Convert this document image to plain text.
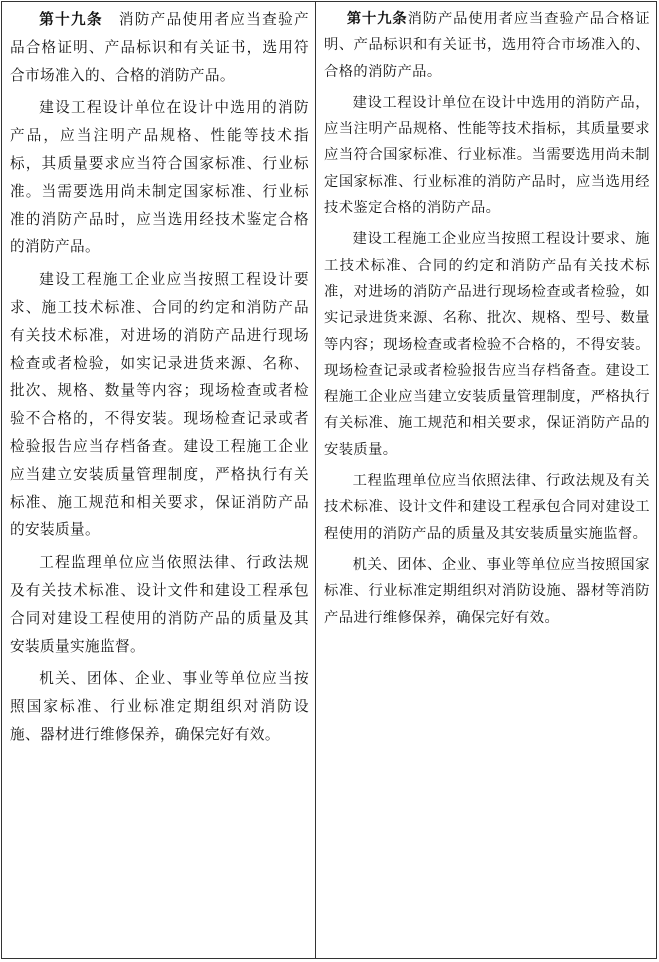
第十九条　消防产品使用者应当查验产品合格证明、产品标识和有关证书，选用符合市场准入的、合格的消防产品。

建设工程设计单位在设计中选用的消防产品，应当注明产品规格、性能等技术指标，其质量要求应当符合国家标准、行业标准。当需要选用尚未制定国家标准、行业标准的消防产品时，应当选用经技术鉴定合格的消防产品。

建设工程施工企业应当按照工程设计要求、施工技术标准、合同的约定和消防产品有关技术标准，对进场的消防产品进行现场检查或者检验，如实记录进货来源、名称、批次、规格、数量等内容；现场检查或者检验不合格的，不得安装。现场检查记录或者检验报告应当存档备查。建设工程施工企业应当建立安装质量管理制度，严格执行有关标准、施工规范和相关要求，保证消防产品的安装质量。

工程监理单位应当依照法律、行政法规及有关技术标准、设计文件和建设工程承包合同对建设工程使用的消防产品的质量及其安装质量实施监督。

机关、团体、企业、事业等单位应当按照国家标准、行业标准定期组织对消防设施、器材进行维修保养，确保完好有效。

第十九条消防产品使用者应当查验产品合格证明、产品标识和有关证书，选用符合市场准入的、合格的消防产品。

建设工程设计单位在设计中选用的消防产品，应当注明产品规格、性能等技术指标，其质量要求应当符合国家标准、行业标准。当需要选用尚未制定国家标准、行业标准的消防产品时，应当选用经技术鉴定合格的消防产品。

建设工程施工企业应当按照工程设计要求、施工技术标准、合同的约定和消防产品有关技术标准，对进场的消防产品进行现场检查或者检验，如实记录进货来源、名称、批次、规格、型号、数量等内容；现场检查或者检验不合格的，不得安装。现场检查记录或者检验报告应当存档备查。建设工程施工企业应当建立安装质量管理制度，严格执行有关标准、施工规范和相关要求，保证消防产品的安装质量。

工程监理单位应当依照法律、行政法规及有关技术标准、设计文件和建设工程承包合同对建设工程使用的消防产品的质量及其安装质量实施监督。

机关、团体、企业、事业等单位应当按照国家标准、行业标准定期组织对消防设施、器材等消防产品进行维修保养，确保完好有效。
